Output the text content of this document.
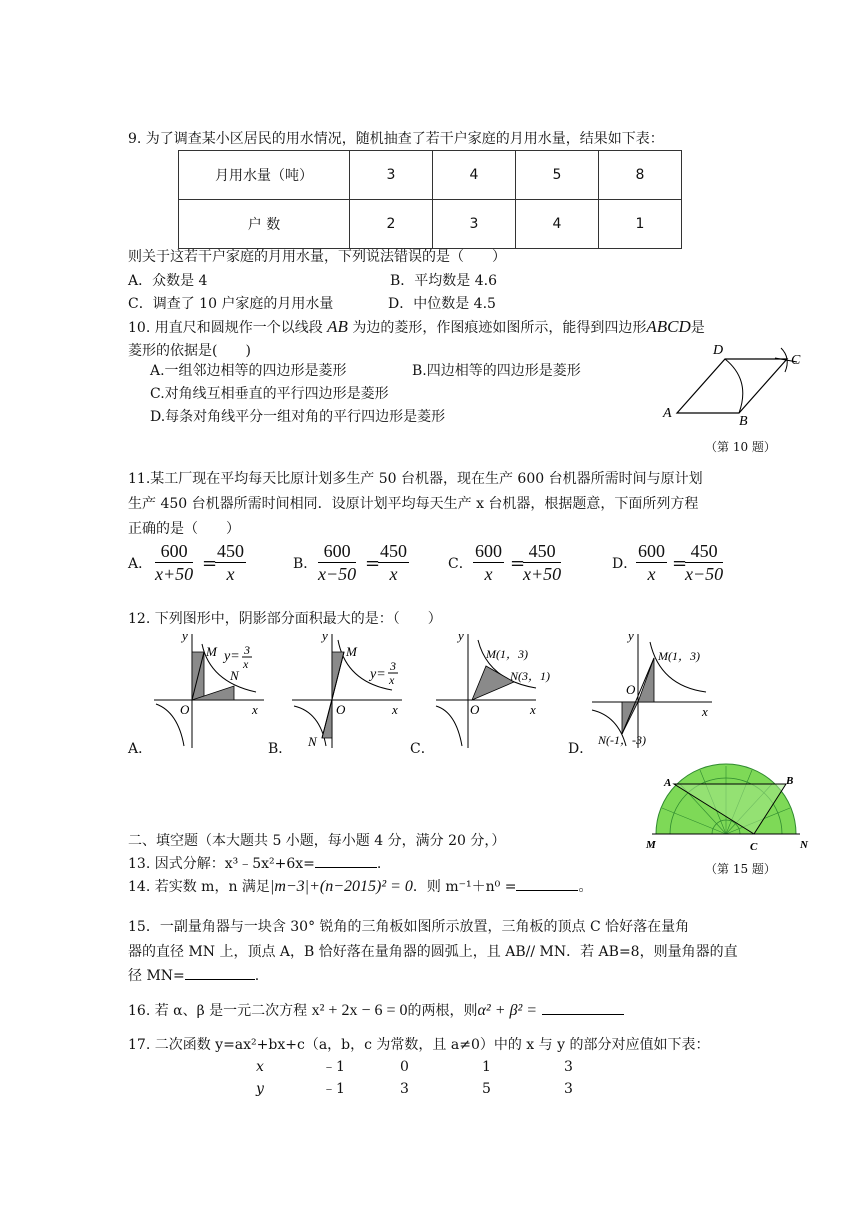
9. 为了调查某小区居民的用水情况，随机抽查了若干户家庭的月用水量，结果如下表：
月用水量（吨）	3	4	5	8
户 数	2	3	4	1
则关于这若干户家庭的月用水量，下列说法错误的是（　　）
A．众数是 4	B．平均数是 4.6
C．调查了 10 户家庭的月用水量	D．中位数是 4.5
10. 用直尺和圆规作一个以线段 AB 为边的菱形，作图痕迹如图所示，能得到四边形ABCD是
菱形的依据是(　　)
A.一组邻边相等的四边形是菱形	B.四边相等的四边形是菱形
C.对角线互相垂直的平行四边形是菱形
D.每条对角线平分一组对角的平行四边形是菱形	A
B
C
D
（第 10 题）
11.某工厂现在平均每天比原计划多生产 50 台机器，现在生产 600 台机器所需时间与原计划
生产 450 台机器所需时间相同．设原计划平均每天生产 x 台机器，根据题意，下面所列方程
正确的是（　　）
A． $\frac{600}{x+50}$ =
$\frac{450}{x}$	B． $\frac{600}{x-50}$ =
$\frac{450}{x}$	C． $\frac{600}{x}$ =
$\frac{450}{x+50}$	D．
$\frac{600}{x}$ =
$\frac{450}{x-50}$
12. 下列图形中，阴影部分面积最大的是：（　　）
y
x
O
M
N
y= 3
x
A．
y
x
O
M
N
y=
3
x
B．
y
x
O
M(1，3)
N(3，1)
C．
y
x
O
M(1，3)
N(-1，-3)
D．
A	B
C
M	N
（第 15 题）
二、填空题（本大题共 5 小题，每小题 4 分，满分 20 分，）
13. 因式分解：x³﹣5x²+6x=	.
14. 若实数 m，n 满足|m−3|+(n−2015)² = 0．则 m⁻¹＋n⁰ =	。
15．一副量角器与一块含 30° 锐角的三角板如图所示放置，三角板的顶点 C 恰好落在量角
器的直径 MN 上，顶点 A，B 恰好落在量角器的圆弧上，且 AB// MN．若 AB=8，则量角器的直
径 MN=	.
16. 若 α、β 是一元二次方程 x² + 2x − 6 = 0的两根，则α² + β² =
17. 二次函数 y=ax²+bx+c（a，b，c 为常数，且 a≠0）中的 x 与 y 的部分对应值如下表：
x	﹣1	0	1	3
y	﹣1	3	5	3
